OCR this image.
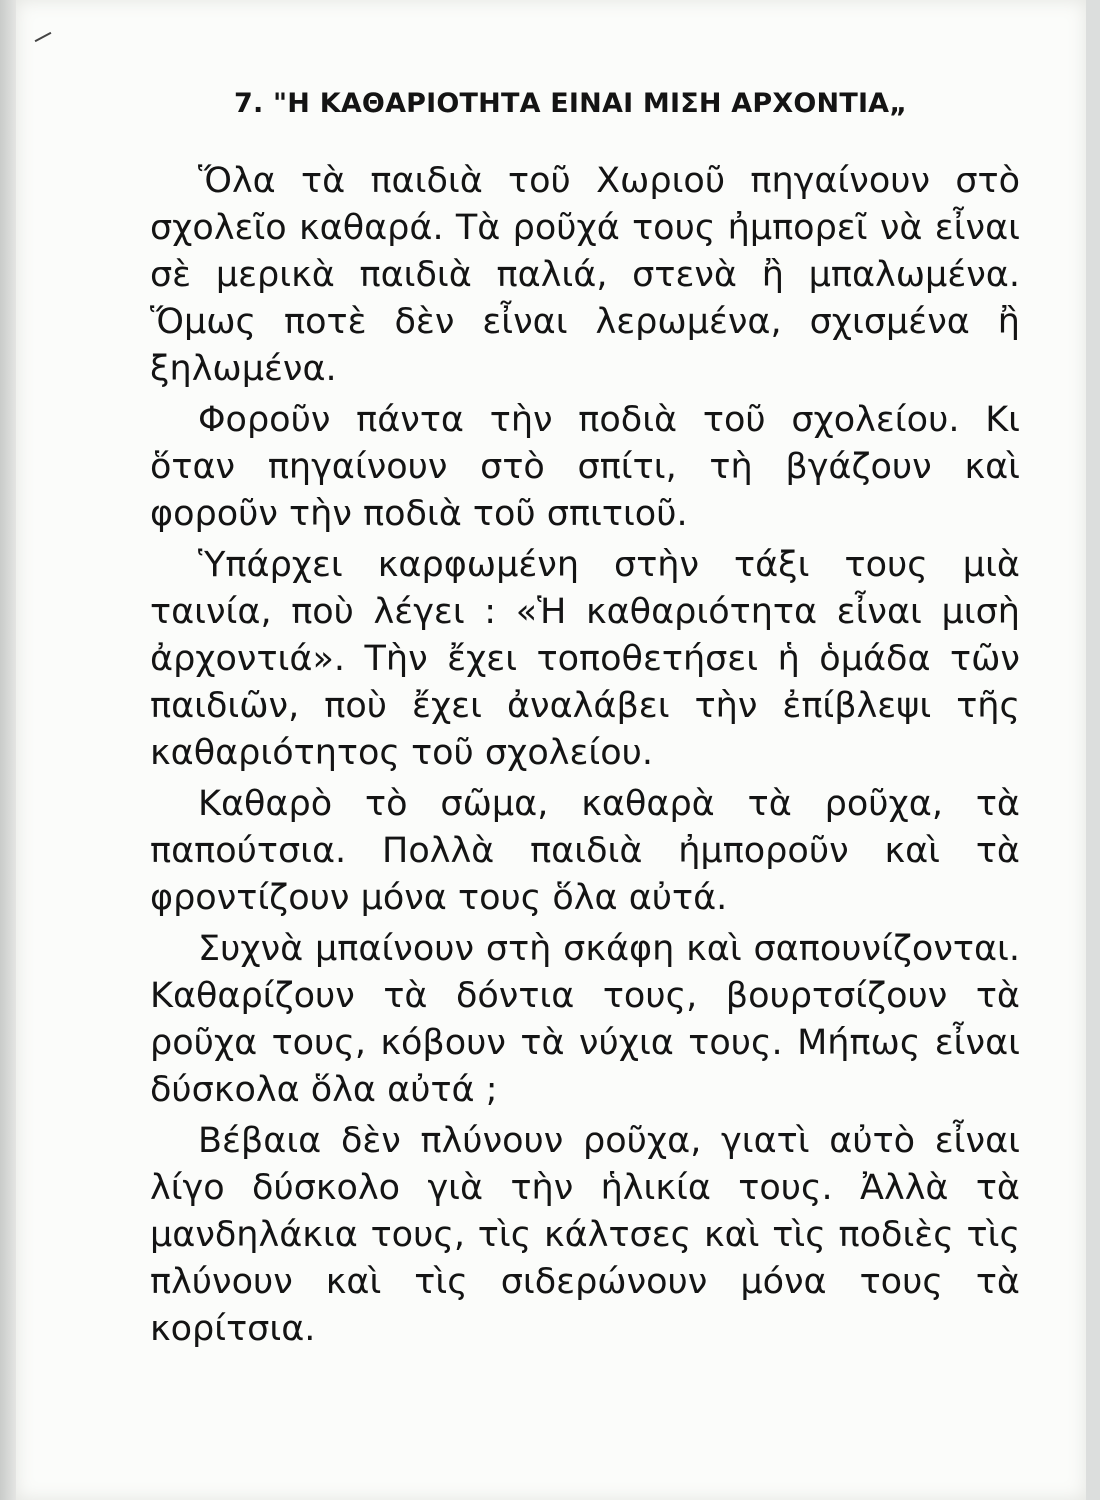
7. "Η ΚΑΘΑΡΙΟΤΗΤΑ ΕΙΝΑΙ ΜΙΣΗ ΑΡΧΟΝΤΙΑ„

Ὅλα τὰ παιδιὰ τοῦ Χωριοῦ πηγαίνουν στὸ σχολεῖο καθαρά. Τὰ ροῦχά τους ἠμπορεῖ νὰ εἶναι σὲ μερικὰ παιδιὰ παλιά, στενὰ ἢ μπαλωμένα. Ὅμως ποτὲ δὲν εἶναι λερωμένα, σχισμένα ἢ ξηλωμένα.

Φοροῦν πάντα τὴν ποδιὰ τοῦ σχολείου. Κι ὅταν πηγαίνουν στὸ σπίτι, τὴ βγάζουν καὶ φοροῦν τὴν ποδιὰ τοῦ σπιτιοῦ.

Ὑπάρχει καρφωμένη στὴν τάξι τους μιὰ ταινία, ποὺ λέγει : «Ἡ καθαριότητα εἶναι μισὴ ἀρχοντιά». Τὴν ἔχει τοποθετήσει ἡ ὁμάδα τῶν παιδιῶν, ποὺ ἔχει ἀναλάβει τὴν ἐπίβλεψι τῆς καθαριότητος τοῦ σχολείου.

Καθαρὸ τὸ σῶμα, καθαρὰ τὰ ροῦχα, τὰ παπούτσια. Πολλὰ παιδιὰ ἠμποροῦν καὶ τὰ φροντίζουν μόνα τους ὅλα αὐτά.

Συχνὰ μπαίνουν στὴ σκάφη καὶ σαπουνίζονται. Καθαρίζουν τὰ δόντια τους, βουρτσίζουν τὰ ροῦχα τους, κόβουν τὰ νύχια τους. Μήπως εἶναι δύσκολα ὅλα αὐτά ;

Βέβαια δὲν πλύνουν ροῦχα, γιατὶ αὐτὸ εἶναι λίγο δύσκολο γιὰ τὴν ἡλικία τους. Ἀλλὰ τὰ μανδηλάκια τους, τὶς κάλτσες καὶ τὶς ποδιὲς τὶς πλύνουν καὶ τὶς σιδερώνουν μόνα τους τὰ κορίτσια.
